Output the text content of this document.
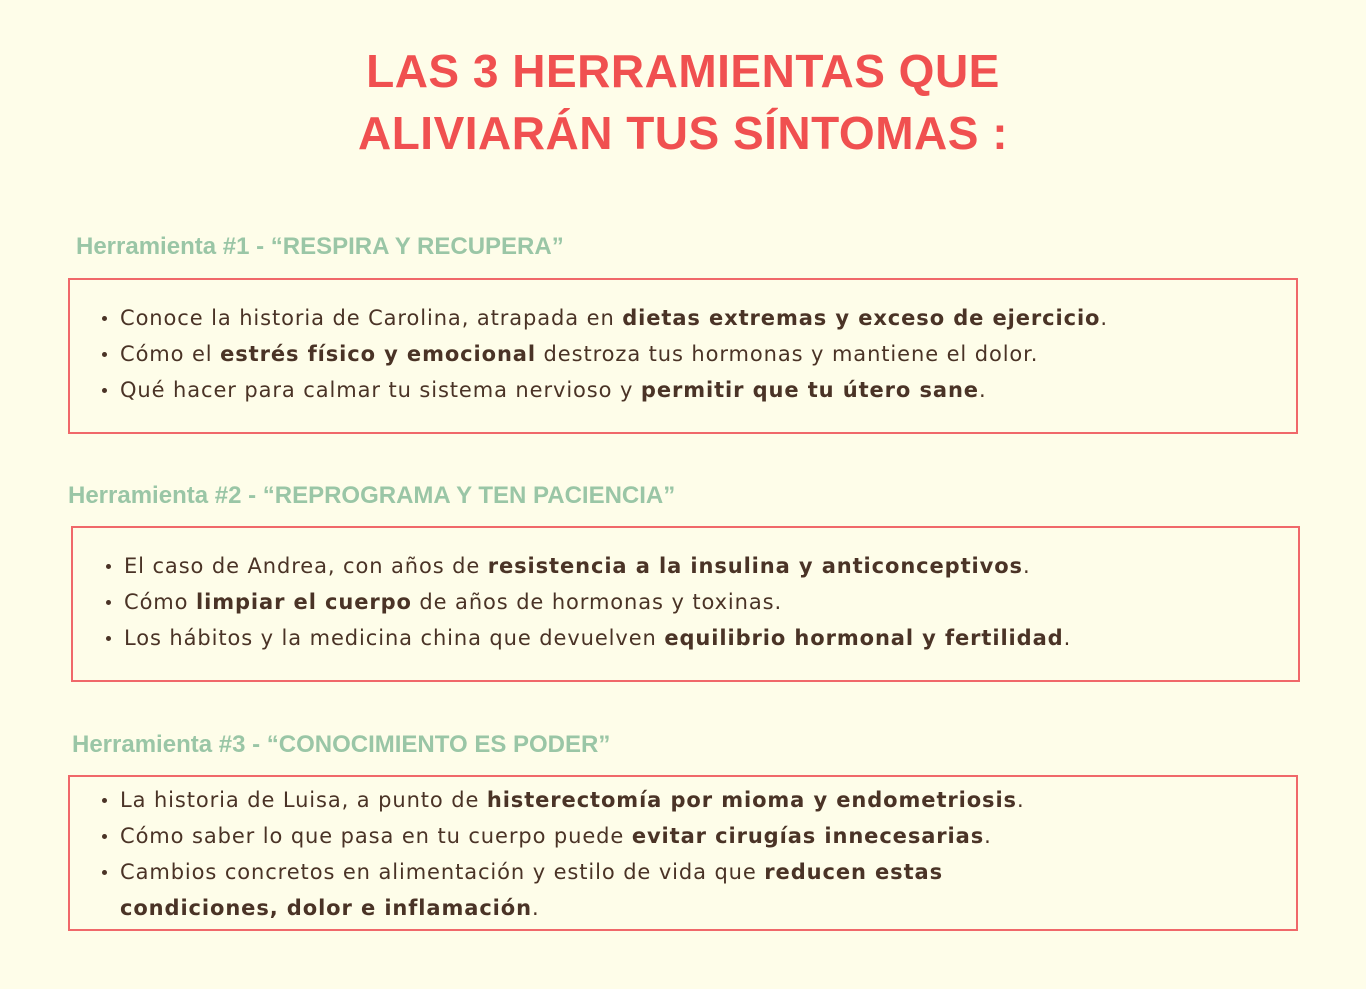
LAS 3 HERRAMIENTAS QUE
ALIVIARÁN TUS SÍNTOMAS :
Herramienta #1 - “RESPIRA Y RECUPERA”
Conoce la historia de Carolina, atrapada en dietas extremas y exceso de ejercicio.
Cómo el estrés físico y emocional destroza tus hormonas y mantiene el dolor.
Qué hacer para calmar tu sistema nervioso y permitir que tu útero sane.
Herramienta #2 - “REPROGRAMA Y TEN PACIENCIA”
El caso de Andrea, con años de resistencia a la insulina y anticonceptivos.
Cómo limpiar el cuerpo de años de hormonas y toxinas.
Los hábitos y la medicina china que devuelven equilibrio hormonal y fertilidad.
Herramienta #3 - “CONOCIMIENTO ES PODER”
La historia de Luisa, a punto de histerectomía por mioma y endometriosis.
Cómo saber lo que pasa en tu cuerpo puede evitar cirugías innecesarias.
Cambios concretos en alimentación y estilo de vida que reducen estas
condiciones, dolor e inflamación.
